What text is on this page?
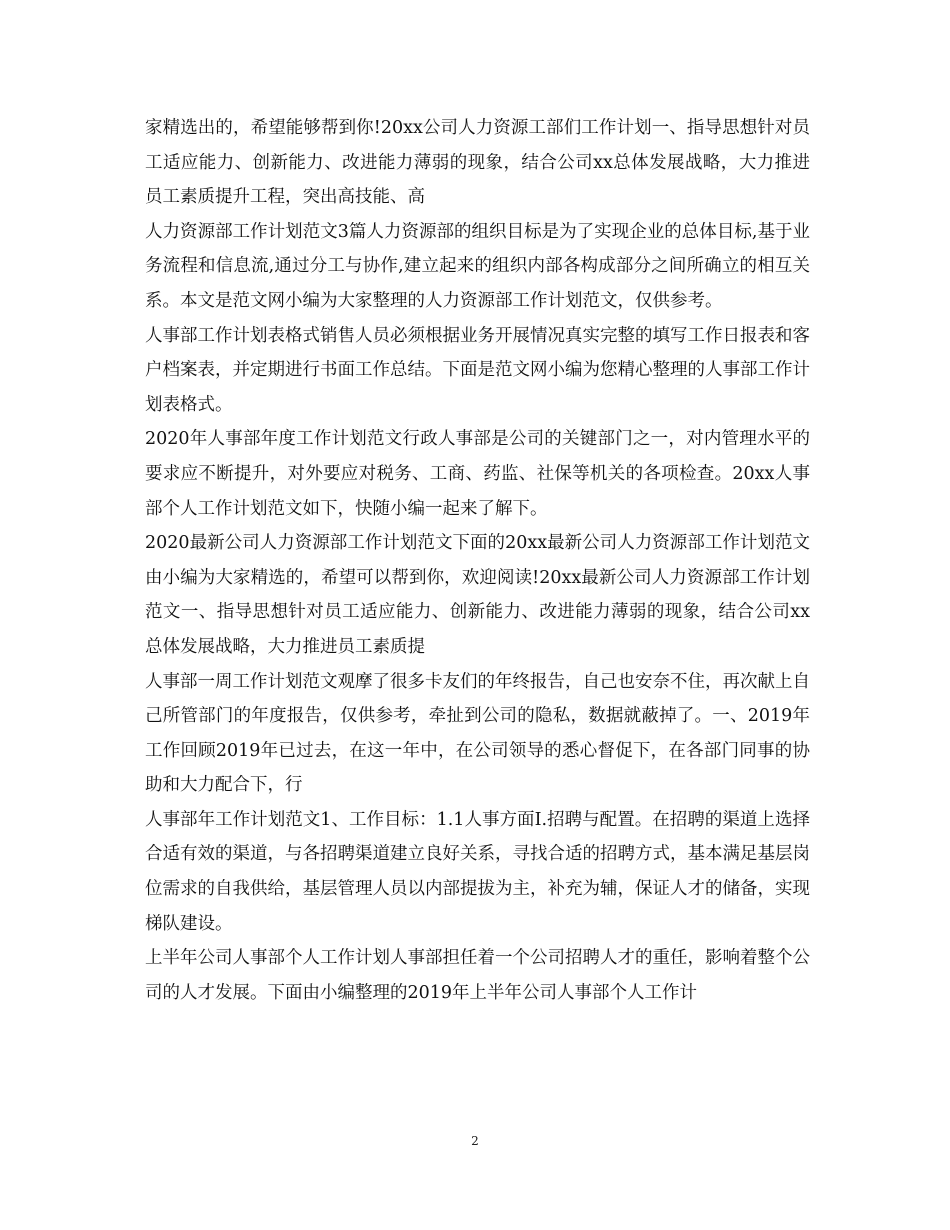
家精选出的，希望能够帮到你!20xx公司人力资源工部们工作计划一、指导思想针对员工适应能力、创新能力、改进能力薄弱的现象，结合公司xx总体发展战略，大力推进员工素质提升工程，突出高技能、高

人力资源部工作计划范文3篇人力资源部的组织目标是为了实现企业的总体目标,基于业务流程和信息流,通过分工与协作,建立起来的组织内部各构成部分之间所确立的相互关系。本文是范文网小编为大家整理的人力资源部工作计划范文，仅供参考。

人事部工作计划表格式销售人员必须根据业务开展情况真实完整的填写工作日报表和客户档案表，并定期进行书面工作总结。下面是范文网小编为您精心整理的人事部工作计划表格式。

2020年人事部年度工作计划范文行政人事部是公司的关键部门之一，对内管理水平的要求应不断提升，对外要应对税务、工商、药监、社保等机关的各项检查。20xx人事部个人工作计划范文如下，快随小编一起来了解下。

2020最新公司人力资源部工作计划范文下面的20xx最新公司人力资源部工作计划范文由小编为大家精选的，希望可以帮到你，欢迎阅读!20xx最新公司人力资源部工作计划范文一、指导思想针对员工适应能力、创新能力、改进能力薄弱的现象，结合公司xx总体发展战略，大力推进员工素质提

人事部一周工作计划范文观摩了很多卡友们的年终报告，自己也安奈不住，再次献上自己所管部门的年度报告，仅供参考，牵扯到公司的隐私，数据就蔽掉了。一、2019年工作回顾2019年已过去，在这一年中，在公司领导的悉心督促下，在各部门同事的协助和大力配合下，行

人事部年工作计划范文1、工作目标：1.1人事方面I.招聘与配置。在招聘的渠道上选择合适有效的渠道，与各招聘渠道建立良好关系，寻找合适的招聘方式，基本满足基层岗位需求的自我供给，基层管理人员以内部提拔为主，补充为辅，保证人才的储备，实现梯队建设。

上半年公司人事部个人工作计划人事部担任着一个公司招聘人才的重任，影响着整个公司的人才发展。下面由小编整理的2019年上半年公司人事部个人工作计

2
